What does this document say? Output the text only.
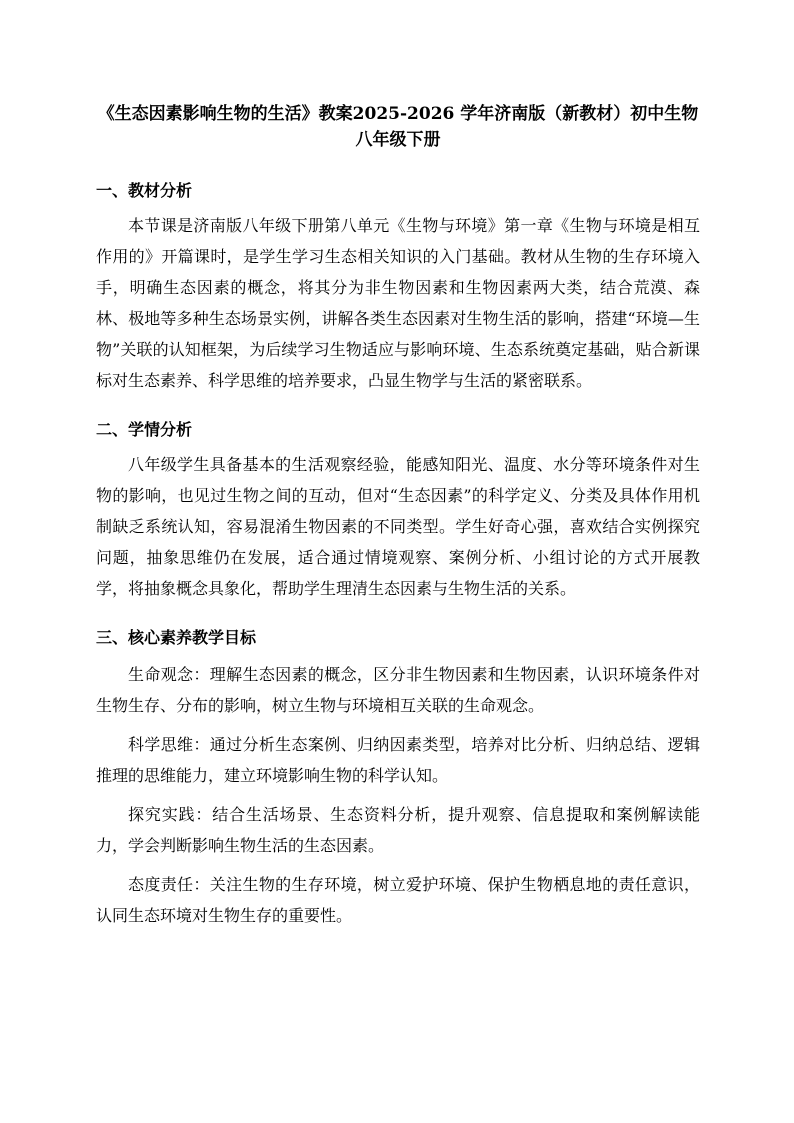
《生态因素影响生物的生活》教案2025-2026 学年济南版（新教材）初中生物八年级下册
一、教材分析

本节课是济南版八年级下册第八单元《生物与环境》第一章《生物与环境是相互作用的》开篇课时，是学生学习生态相关知识的入门基础。教材从生物的生存环境入手，明确生态因素的概念，将其分为非生物因素和生物因素两大类，结合荒漠、森林、极地等多种生态场景实例，讲解各类生态因素对生物生活的影响，搭建“环境—生物”关联的认知框架，为后续学习生物适应与影响环境、生态系统奠定基础，贴合新课标对生态素养、科学思维的培养要求，凸显生物学与生活的紧密联系。

二、学情分析

八年级学生具备基本的生活观察经验，能感知阳光、温度、水分等环境条件对生物的影响，也见过生物之间的互动，但对“生态因素”的科学定义、分类及具体作用机制缺乏系统认知，容易混淆生物因素的不同类型。学生好奇心强，喜欢结合实例探究问题，抽象思维仍在发展，适合通过情境观察、案例分析、小组讨论的方式开展教学，将抽象概念具象化，帮助学生理清生态因素与生物生活的关系。

三、核心素养教学目标

生命观念：理解生态因素的概念，区分非生物因素和生物因素，认识环境条件对生物生存、分布的影响，树立生物与环境相互关联的生命观念。

科学思维：通过分析生态案例、归纳因素类型，培养对比分析、归纳总结、逻辑推理的思维能力，建立环境影响生物的科学认知。

探究实践：结合生活场景、生态资料分析，提升观察、信息提取和案例解读能力，学会判断影响生物生活的生态因素。

态度责任：关注生物的生存环境，树立爱护环境、保护生物栖息地的责任意识，认同生态环境对生物生存的重要性。
